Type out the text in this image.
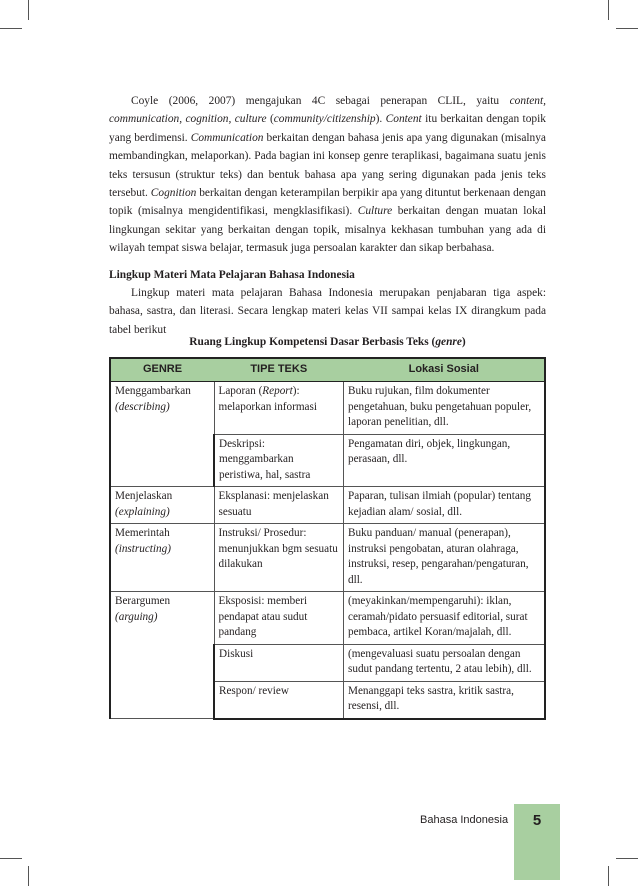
Coyle (2006, 2007) mengajukan 4C sebagai penerapan CLIL, yaitu content, communication, cognition, culture (community/citizenship). Content itu berkaitan dengan topik yang berdimensi. Communication berkaitan dengan bahasa jenis apa yang digunakan (misalnya membandingkan, melaporkan). Pada bagian ini konsep genre teraplikasi, bagaimana suatu jenis teks tersusun (struktur teks) dan bentuk bahasa apa yang sering digunakan pada jenis teks tersebut. Cognition berkaitan dengan keterampilan berpikir apa yang dituntut berkenaan dengan topik (misalnya mengidentifikasi, mengklasifikasi). Culture berkaitan dengan muatan lokal lingkungan sekitar yang berkaitan dengan topik, misalnya kekhasan tumbuhan yang ada di wilayah tempat siswa belajar, termasuk juga persoalan karakter dan sikap berbahasa.

Lingkup Materi Mata Pelajaran Bahasa Indonesia

Lingkup materi mata pelajaran Bahasa Indonesia merupakan penjabaran tiga aspek: bahasa, sastra, dan literasi. Secara lengkap materi kelas VII sampai kelas IX dirangkum pada tabel berikut

Ruang Lingkup Kompetensi Dasar Berbasis Teks (genre)
GENRE	TIPE TEKS	Lokasi Sosial

Menggambarkan
(describing)	Laporan (Report): melaporkan informasi	Buku rujukan, film dokumenter pengetahuan, buku pengetahuan populer, laporan penelitian, dll.
	Deskripsi: menggambarkan peristiwa, hal, sastra	Pengamatan diri, objek, lingkungan, perasaan, dll.

Menjelaskan
(explaining)	Eksplanasi: menjelaskan sesuatu	Paparan, tulisan ilmiah (popular) tentang kejadian alam/ sosial, dll.

Memerintah
(instructing)	Instruksi/ Prosedur: menunjukkan bgm sesuatu dilakukan	Buku panduan/ manual (penerapan), instruksi pengobatan, aturan olahraga, instruksi, resep, pengarahan/pengaturan, dll.

Berargumen
(arguing)	Eksposisi: memberi pendapat atau sudut pandang	(meyakinkan/mempengaruhi): iklan, ceramah/pidato persuasif editorial, surat pembaca, artikel Koran/majalah, dll.
	Diskusi	(mengevaluasi suatu persoalan dengan sudut pandang tertentu, 2 atau lebih), dll.
	Respon/ review	Menanggapi teks sastra, kritik sastra, resensi, dll.
Bahasa Indonesia	5
